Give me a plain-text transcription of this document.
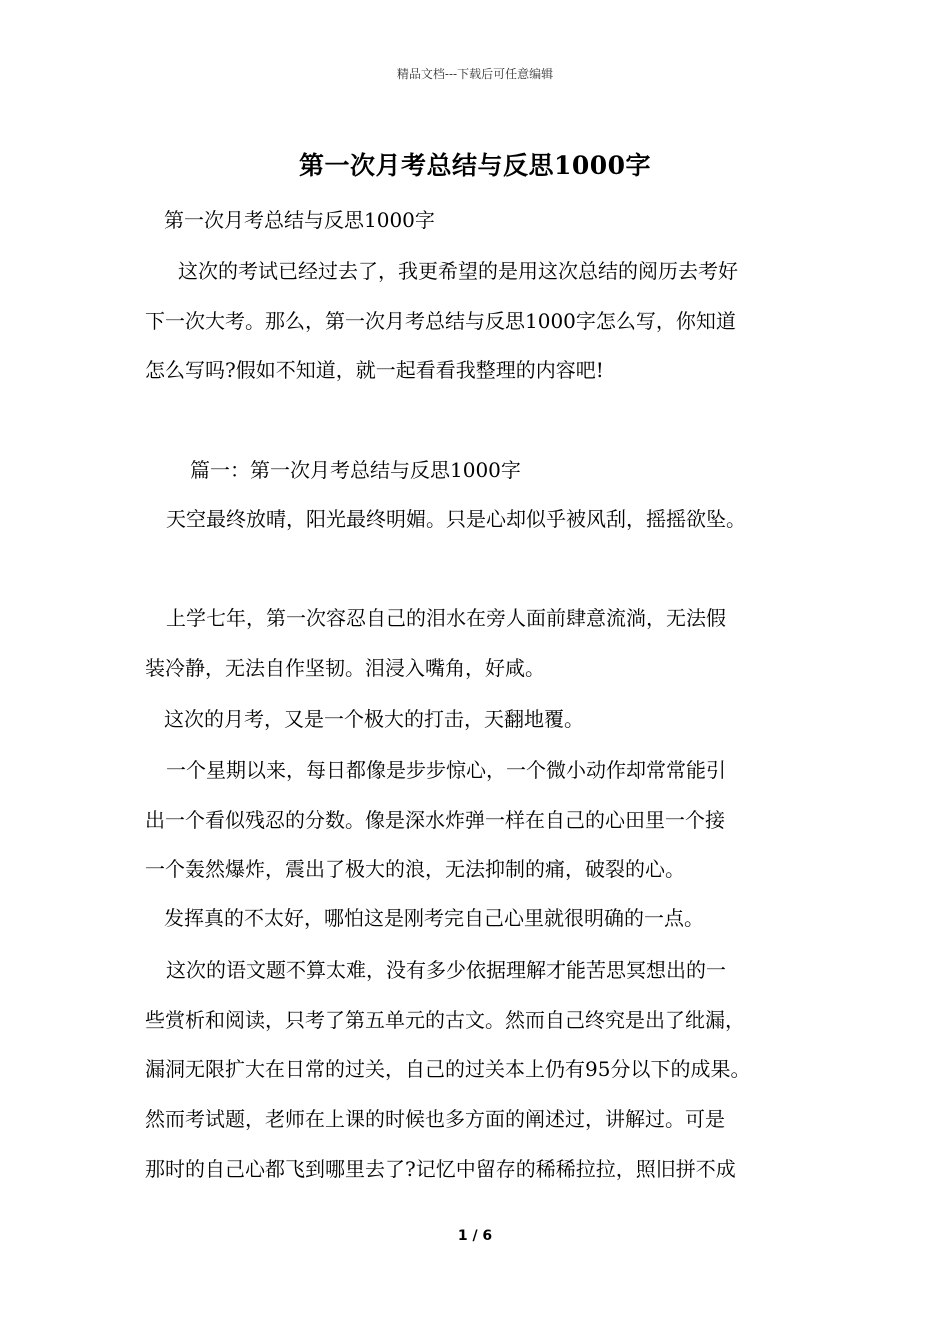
精品文档---下载后可任意编辑
第一次月考总结与反思1000字
第一次月考总结与反思1000字
这次的考试已经过去了，我更希望的是用这次总结的阅历去考好
下一次大考。那么，第一次月考总结与反思1000字怎么写，你知道
怎么写吗?假如不知道，就一起看看我整理的内容吧!
篇一：第一次月考总结与反思1000字
天空最终放晴，阳光最终明媚。只是心却似乎被风刮，摇摇欲坠。
上学七年，第一次容忍自己的泪水在旁人面前肆意流淌，无法假
装冷静，无法自作坚韧。泪浸入嘴角，好咸。
这次的月考，又是一个极大的打击，天翻地覆。
一个星期以来，每日都像是步步惊心，一个微小动作却常常能引
出一个看似残忍的分数。像是深水炸弹一样在自己的心田里一个接
一个轰然爆炸，震出了极大的浪，无法抑制的痛，破裂的心。
发挥真的不太好，哪怕这是刚考完自己心里就很明确的一点。
这次的语文题不算太难，没有多少依据理解才能苦思冥想出的一
些赏析和阅读，只考了第五单元的古文。然而自己终究是出了纰漏，
漏洞无限扩大在日常的过关，自己的过关本上仍有95分以下的成果。
然而考试题，老师在上课的时候也多方面的阐述过，讲解过。可是
那时的自己心都飞到哪里去了?记忆中留存的稀稀拉拉，照旧拼不成
1 / 6
